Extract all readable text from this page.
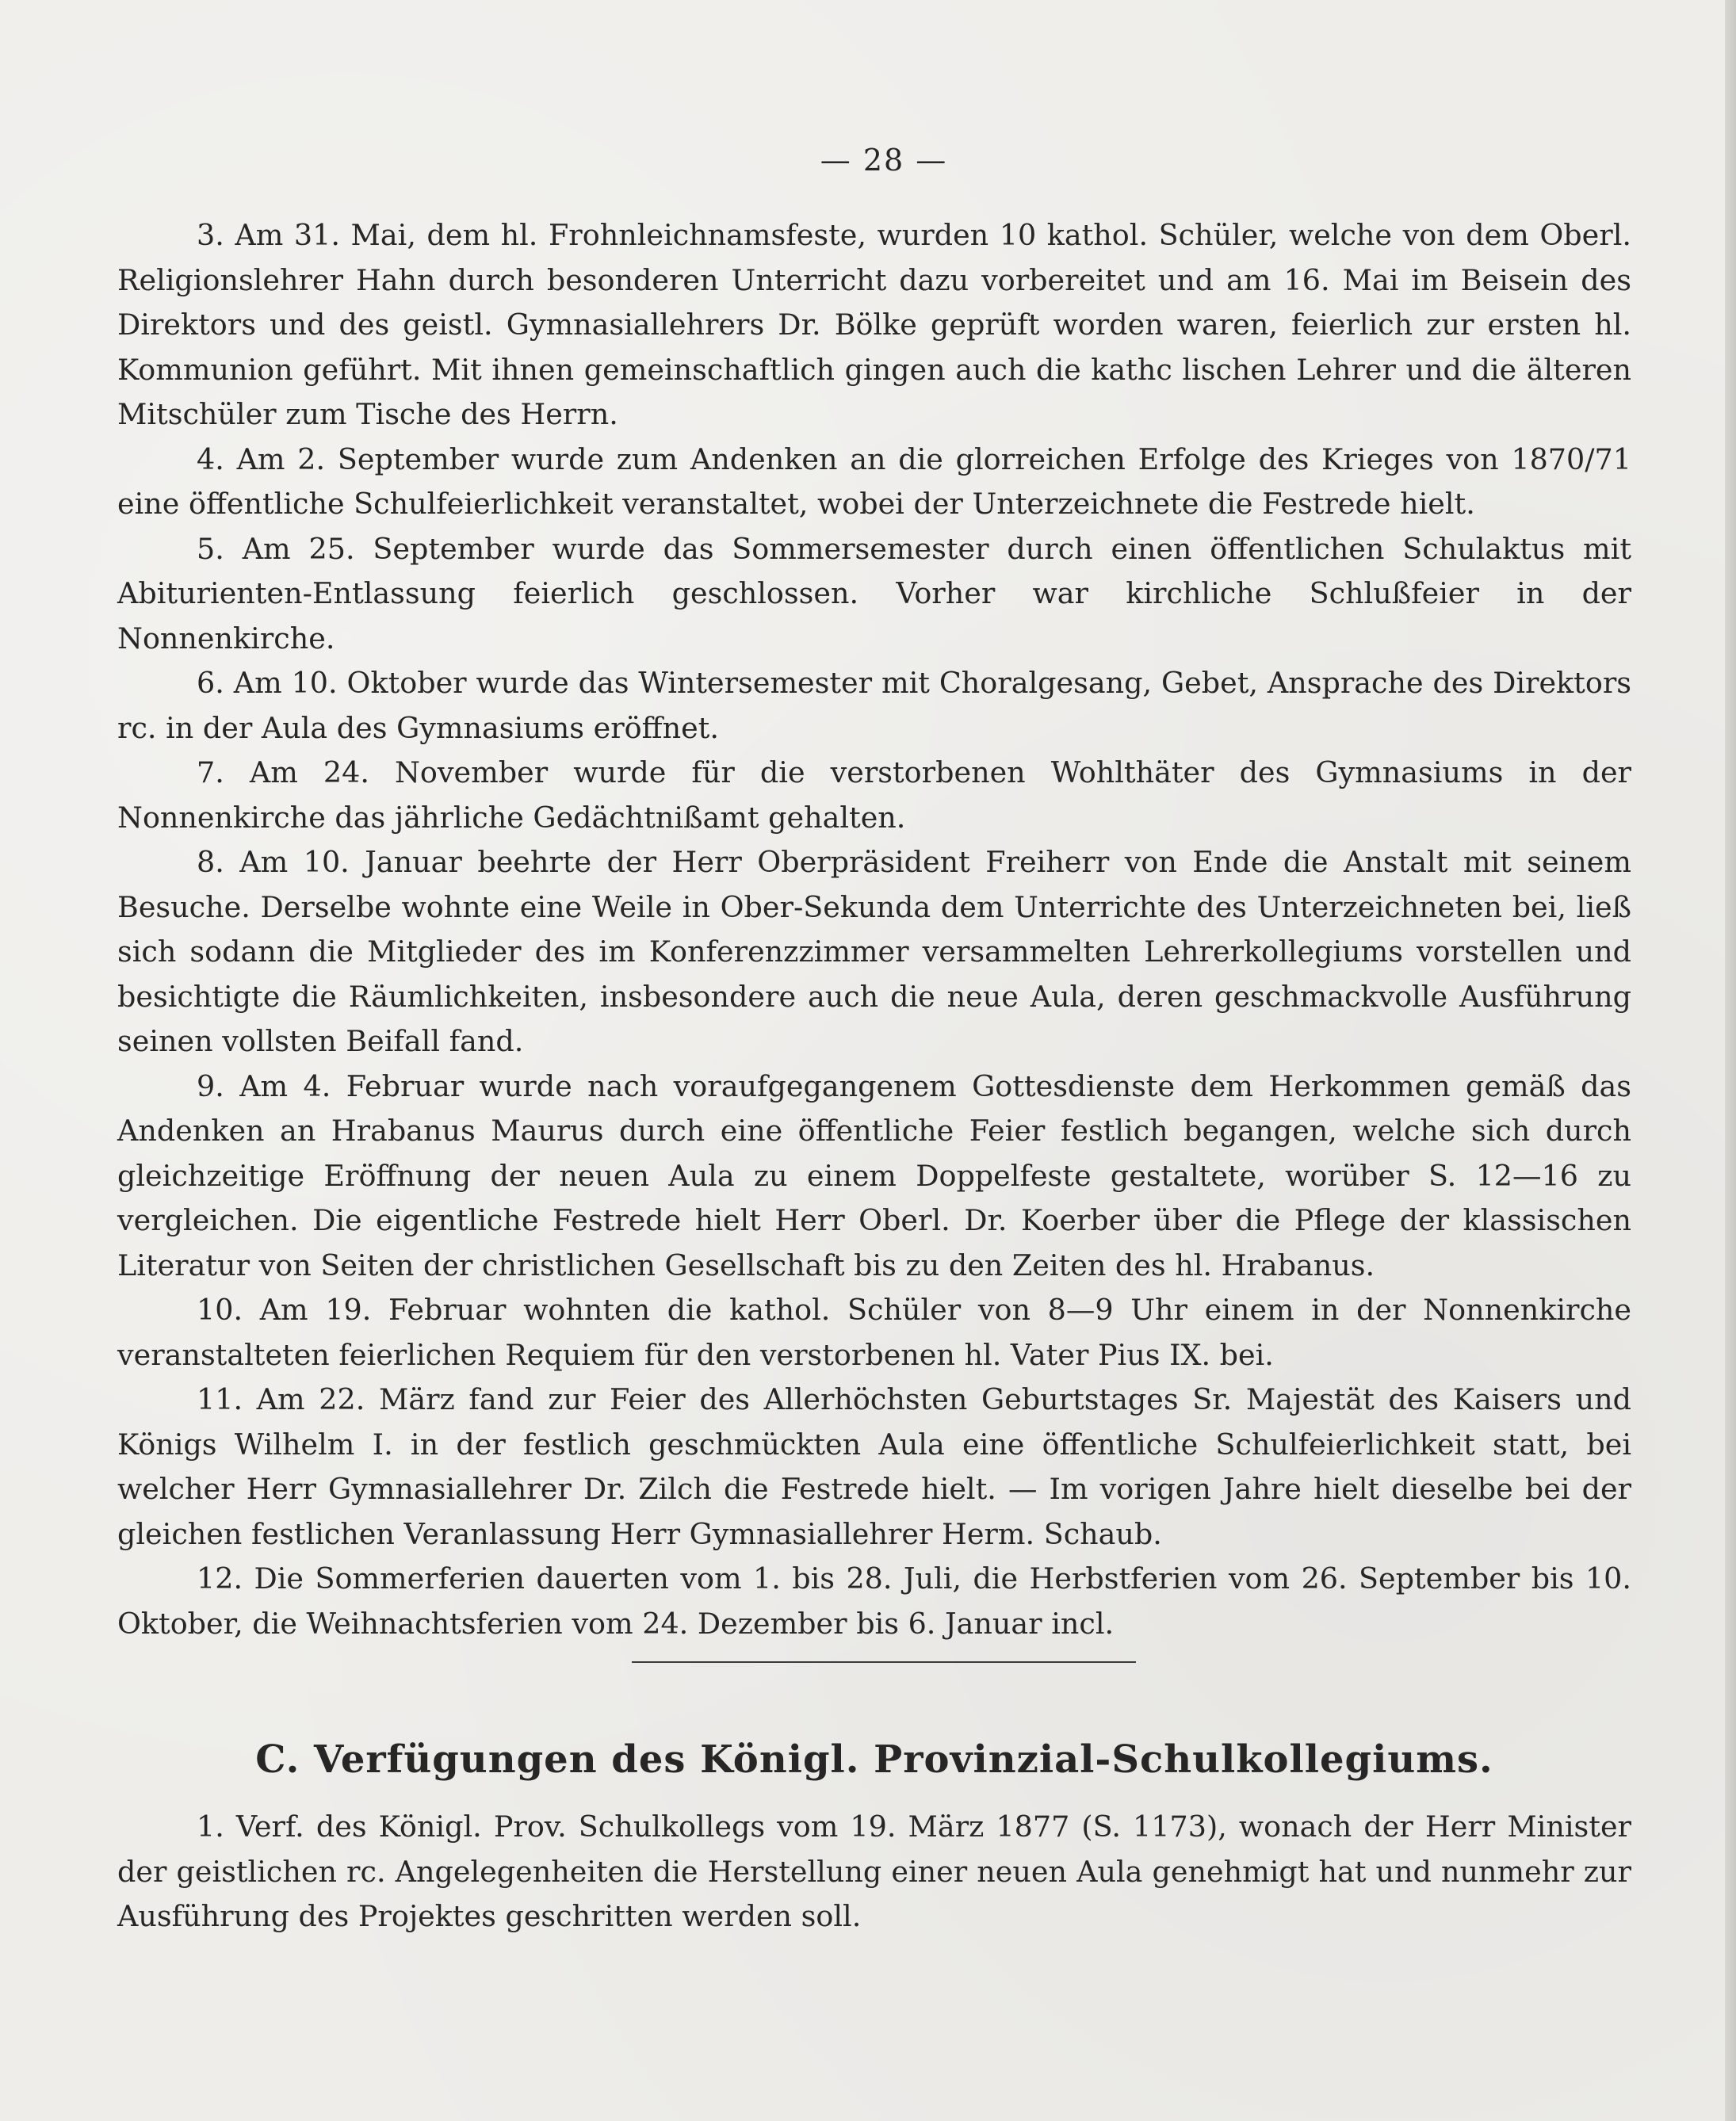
— 28 —

3. Am 31. Mai, dem hl. Frohnleichnamsfeste, wurden 10 kathol. Schüler, welche von dem Oberl. Religionslehrer Hahn durch besonderen Unterricht dazu vorbereitet und am 16. Mai im Beisein des Direktors und des geistl. Gymnasiallehrers Dr. Bölke geprüft worden waren, feierlich zur ersten hl. Kommunion geführt. Mit ihnen gemeinschaftlich gingen auch die kathc lischen Lehrer und die älteren Mitschüler zum Tische des Herrn.

4. Am 2. September wurde zum Andenken an die glorreichen Erfolge des Krieges von 1870/71 eine öffentliche Schulfeierlichkeit veranstaltet, wobei der Unterzeichnete die Festrede hielt.

5. Am 25. September wurde das Sommersemester durch einen öffentlichen Schulaktus mit Abiturienten-Entlassung feierlich geschlossen. Vorher war kirchliche Schlußfeier in der Nonnenkirche.

6. Am 10. Oktober wurde das Wintersemester mit Choralgesang, Gebet, Ansprache des Direktors rc. in der Aula des Gymnasiums eröffnet.

7. Am 24. November wurde für die verstorbenen Wohlthäter des Gymnasiums in der Nonnenkirche das jährliche Gedächtnißamt gehalten.

8. Am 10. Januar beehrte der Herr Oberpräsident Freiherr von Ende die Anstalt mit seinem Besuche. Derselbe wohnte eine Weile in Ober-Sekunda dem Unterrichte des Unterzeichneten bei, ließ sich sodann die Mitglieder des im Konferenzzimmer versammelten Lehrerkollegiums vorstellen und besichtigte die Räumlichkeiten, insbesondere auch die neue Aula, deren geschmackvolle Ausführung seinen vollsten Beifall fand.

9. Am 4. Februar wurde nach voraufgegangenem Gottesdienste dem Herkommen gemäß das Andenken an Hrabanus Maurus durch eine öffentliche Feier festlich begangen, welche sich durch gleichzeitige Eröffnung der neuen Aula zu einem Doppelfeste gestaltete, worüber S. 12—16 zu vergleichen. Die eigentliche Festrede hielt Herr Oberl. Dr. Koerber über die Pflege der klassischen Literatur von Seiten der christlichen Gesellschaft bis zu den Zeiten des hl. Hrabanus.

10. Am 19. Februar wohnten die kathol. Schüler von 8—9 Uhr einem in der Nonnenkirche veranstalteten feierlichen Requiem für den verstorbenen hl. Vater Pius IX. bei.

11. Am 22. März fand zur Feier des Allerhöchsten Geburtstages Sr. Majestät des Kaisers und Königs Wilhelm I. in der festlich geschmückten Aula eine öffentliche Schulfeierlichkeit statt, bei welcher Herr Gymnasiallehrer Dr. Zilch die Festrede hielt. — Im vorigen Jahre hielt dieselbe bei der gleichen festlichen Veranlassung Herr Gymnasiallehrer Herm. Schaub.

12. Die Sommerferien dauerten vom 1. bis 28. Juli, die Herbstferien vom 26. September bis 10. Oktober, die Weihnachtsferien vom 24. Dezember bis 6. Januar incl.

C. Verfügungen des Königl. Provinzial-Schulkollegiums.

1. Verf. des Königl. Prov. Schulkollegs vom 19. März 1877 (S. 1173), wonach der Herr Minister der geistlichen rc. Angelegenheiten die Herstellung einer neuen Aula genehmigt hat und nunmehr zur Ausführung des Projektes geschritten werden soll.
